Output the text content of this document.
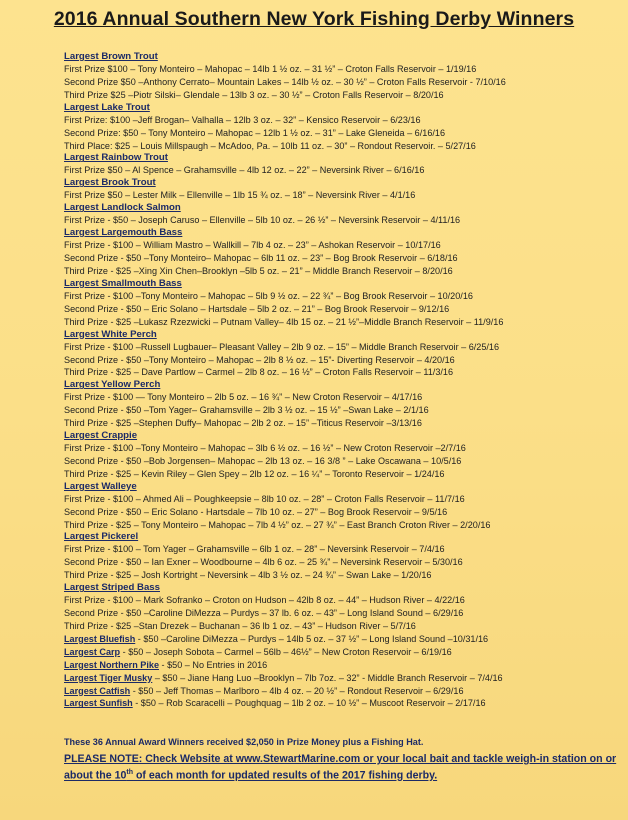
2016 Annual Southern New York Fishing Derby Winners
Largest Brown Trout
First Prize $100 – Tony Monteiro – Mahopac – 14lb 1 ½ oz. – 31 ½” – Croton Falls Reservoir – 1/19/16
Second Prize $50 –Anthony Cerrato– Mountain Lakes – 14lb ½ oz. – 30 ½” – Croton Falls Reservoir - 7/10/16
Third Prize $25 –Piotr Silski– Glendale – 13lb 3 oz. – 30 ½” – Croton Falls Reservoir – 8/20/16
Largest Lake Trout
First Prize: $100 –Jeff Brogan– Valhalla – 12lb 3 oz. – 32” – Kensico Reservoir – 6/23/16
Second Prize: $50 – Tony Monteiro – Mahopac – 12lb 1 ½ oz. – 31” – Lake Gleneida – 6/16/16
Third Place: $25 – Louis Millspaugh – McAdoo, Pa. – 10lb 11 oz. – 30” – Rondout Reservoir. – 5/27/16
Largest Rainbow Trout
First Prize $50 – Al Spence – Grahamsville – 4lb 12 oz. – 22” – Neversink River – 6/16/16
Largest Brook Trout
First Prize $50 – Lester Milk – Ellenville – 1lb 15 ¾ oz. – 18” – Neversink River – 4/1/16
Largest Landlock Salmon
First Prize - $50 – Joseph Caruso – Ellenville – 5lb 10 oz. – 26 ½” – Neversink Reservoir – 4/11/16
Largest Largemouth Bass
First Prize - $100 – William Mastro – Wallkill – 7lb 4 oz. – 23” – Ashokan Reservoir – 10/17/16
Second Prize - $50 –Tony Monteiro– Mahopac – 6lb 11 oz. – 23” – Bog Brook Reservoir – 6/18/16
Third Prize - $25 –Xing Xin Chen–Brooklyn –5lb 5 oz. – 21” – Middle Branch Reservoir – 8/20/16
Largest Smallmouth Bass
First Prize - $100 –Tony Monteiro – Mahopac – 5lb 9 ½ oz. – 22 ¾” – Bog Brook Reservoir – 10/20/16
Second Prize - $50 – Eric Solano – Hartsdale – 5lb 2 oz. – 21” – Bog Brook Reservoir – 9/12/16
Third Prize - $25 –Lukasz Rzezwicki – Putnam Valley– 4lb 15 oz. – 21 ½”–Middle Branch Reservoir – 11/9/16
Largest White Perch
First Prize - $100 –Russell Lugbauer– Pleasant Valley – 2lb 9 oz. – 15” – Middle Branch Reservoir – 6/25/16
Second Prize - $50 –Tony Monteiro – Mahopac – 2lb 8 ½ oz. – 15”- Diverting Reservoir – 4/20/16
Third Prize - $25 – Dave Partlow – Carmel – 2lb 8 oz. – 16 ½” – Croton Falls Reservoir – 11/3/16
Largest Yellow Perch
First Prize - $100 — Tony Monteiro – 2lb 5 oz. – 16 ¾” – New Croton Reservoir – 4/17/16
Second Prize - $50 –Tom Yager– Grahamsville – 2lb 3 ½ oz. – 15 ½” –Swan Lake – 2/1/16
Third Prize - $25 –Stephen Duffy– Mahopac – 2lb 2 oz. – 15” –Titicus Reservoir –3/13/16
Largest Crappie
First Prize - $100 –Tony Monteiro – Mahopac – 3lb 6 ½ oz. – 16 ½” – New Croton Reservoir –2/7/16
Second Prize - $50 –Bob Jorgensen– Mahopac – 2lb 13 oz. – 16 3/8 ” – Lake Oscawana – 10/5/16
Third Prize - $25 – Kevin Riley – Glen Spey – 2lb 12 oz. – 16 ¼” – Toronto Reservoir – 1/24/16
Largest Walleye
First Prize - $100 – Ahmed Ali – Poughkeepsie – 8lb 10 oz. – 28” – Croton Falls Reservoir – 11/7/16
Second Prize - $50 – Eric Solano - Hartsdale – 7lb 10 oz. – 27” – Bog Brook Reservoir – 9/5/16
Third Prize - $25 – Tony Monteiro – Mahopac – 7lb 4 ½” oz. – 27 ¾” – East Branch Croton River – 2/20/16
Largest Pickerel
First Prize - $100 – Tom Yager – Grahamsville – 6lb 1 oz. – 28” – Neversink Reservoir – 7/4/16
Second Prize - $50 – Ian Exner – Woodbourne – 4lb 6 oz. – 25 ¾” – Neversink Reservoir – 5/30/16
Third Prize - $25 – Josh Kortright – Neversink – 4lb 3 ½ oz. – 24 ¾” – Swan Lake – 1/20/16
Largest Striped Bass
First Prize - $100 – Mark Sofranko – Croton on Hudson – 42lb 8 oz. – 44” – Hudson River – 4/22/16
Second Prize - $50 –Caroline DiMezza – Purdys – 37 lb. 6 oz. – 43” – Long Island Sound – 6/29/16
Third Prize - $25 –Stan Drezek – Buchanan – 36 lb 1 oz. – 43” – Hudson River – 5/7/16
Largest Bluefish - $50 –Caroline DiMezza – Purdys – 14lb 5 oz. – 37 ½” – Long Island Sound –10/31/16
Largest Carp - $50 – Joseph Sobota – Carmel – 56lb – 46½” – New Croton Reservoir – 6/19/16
Largest Northern Pike - $50 – No Entries in 2016
Largest Tiger Musky – $50 – Jiane Hang Luo –Brooklyn – 7lb 7oz. – 32” - Middle Branch Reservoir – 7/4/16
Largest Catfish - $50 – Jeff Thomas – Marlboro – 4lb 4 oz. – 20 ½” – Rondout Reservoir – 6/29/16
Largest Sunfish - $50 – Rob Scaracelli – Poughquag – 1lb 2 oz. – 10 ½” – Muscoot Reservoir – 2/17/16
These 36 Annual Award Winners received $2,050 in Prize Money plus a Fishing Hat.
PLEASE NOTE: Check Website at www.StewartMarine.com or your local bait and tackle weigh-in station on or about the 10th of each month for updated results of the 2017 fishing derby.
